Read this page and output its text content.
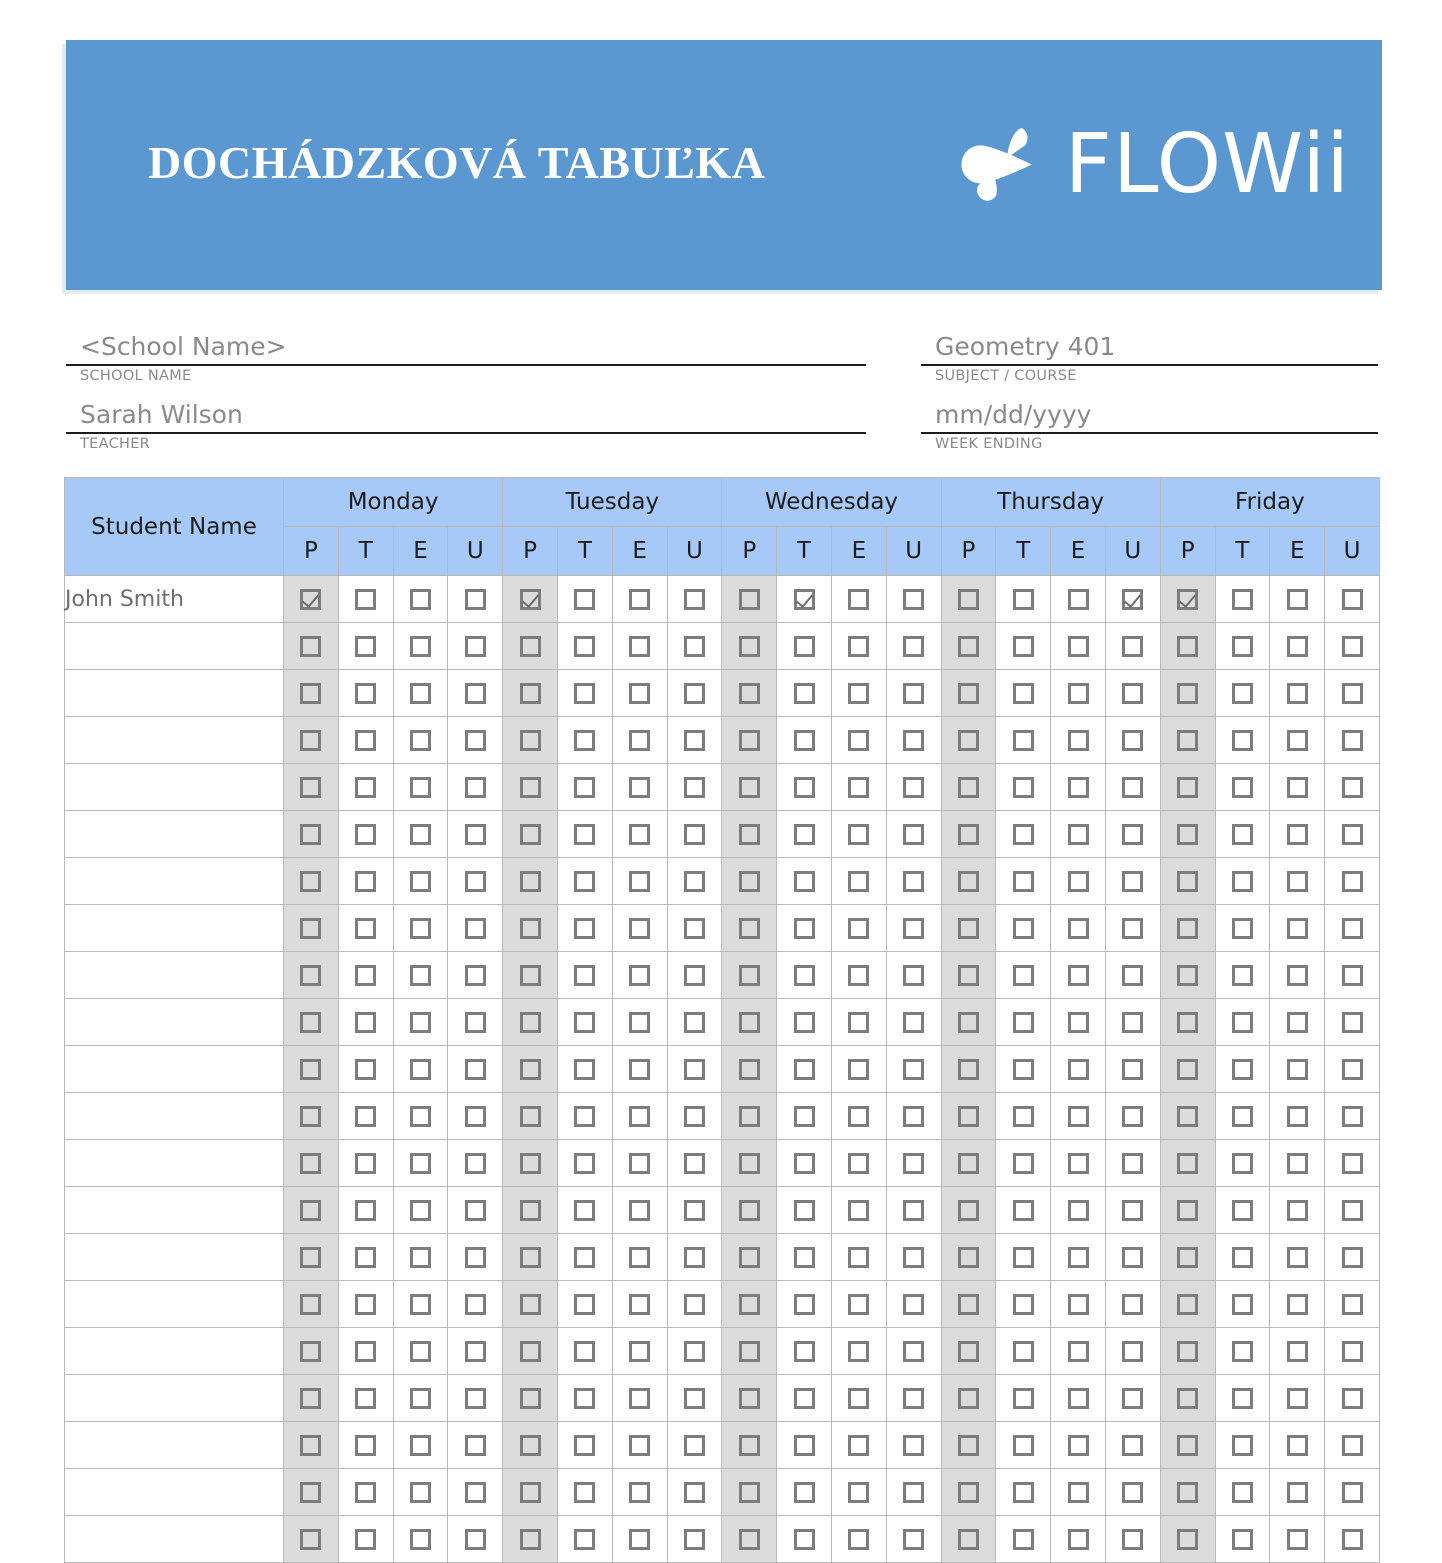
DOCHÁDZKOVÁ TABUĽKA	FLOWii
<School Name>
SCHOOL NAME
Sarah Wilson
TEACHER
Geometry 401
SUBJECT / COURSE
mm/dd/yyyy
WEEK ENDING
Student Name	Monday				Tuesday				Wednesday				Thursday				Friday			
	P	T	E	U	P	T	E	U	P	T	E	U	P	T	E	U	P	T	E	U
John Smith																				
